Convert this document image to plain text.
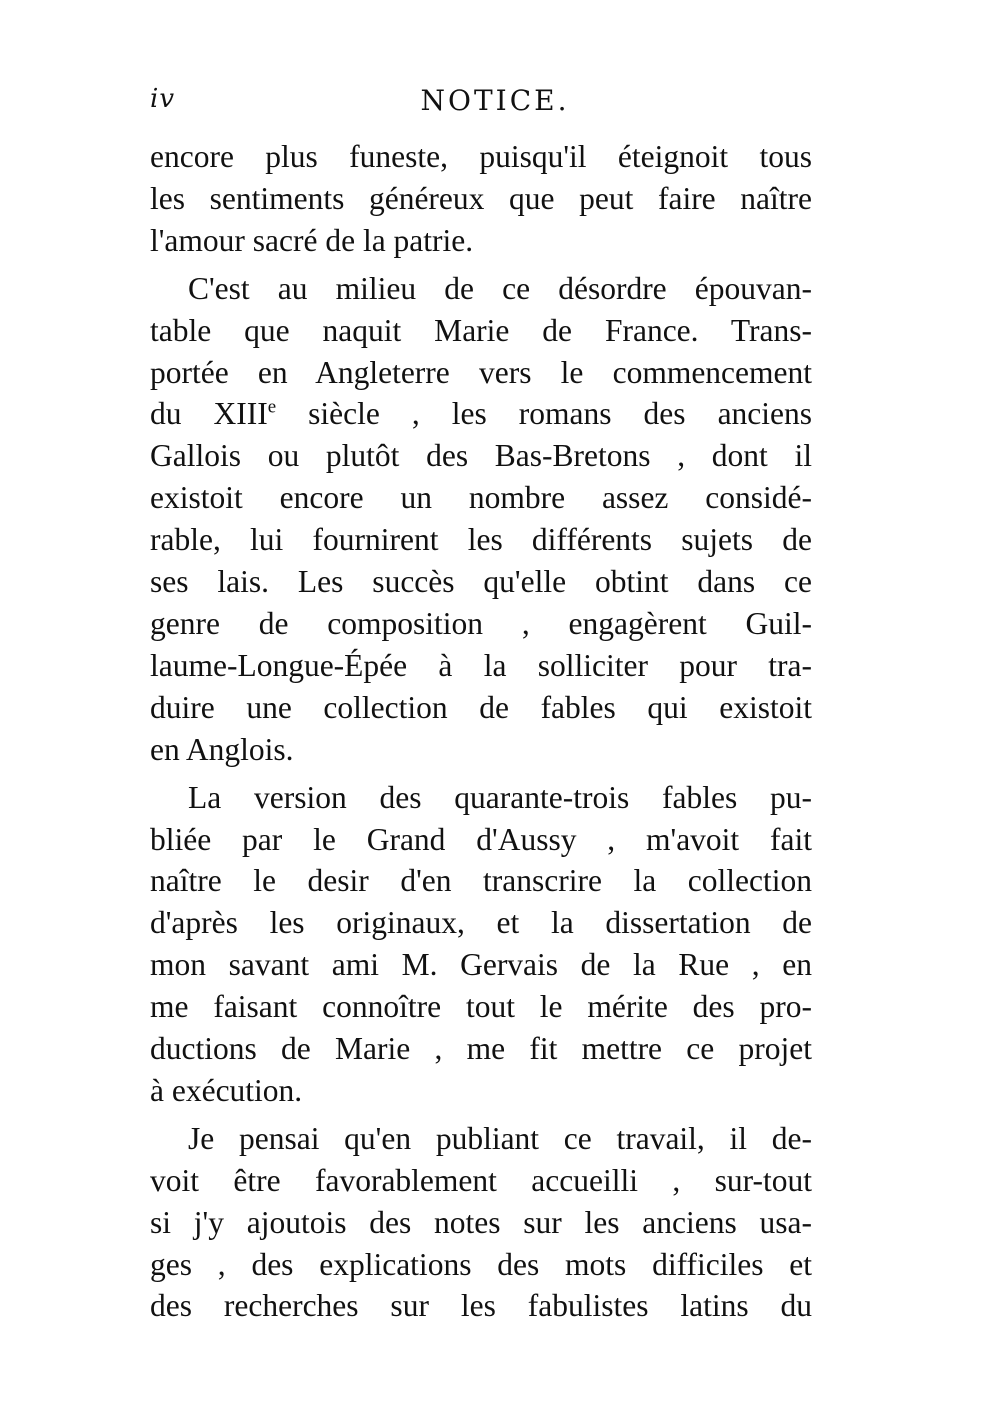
iv	NOTICE.

encore plus funeste, puisqu'il éteignoit tous
les sentiments généreux que peut faire naître
l'amour sacré de la patrie.

C'est au milieu de ce désordre épouvan-
table que naquit Marie de France. Trans-
portée en Angleterre vers le commencement
du XIIIe siècle , les romans des anciens
Gallois ou plutôt des Bas-Bretons , dont il
existoit encore un nombre assez considé-
rable, lui fournirent les différents sujets de
ses lais. Les succès qu'elle obtint dans ce
genre de composition , engagèrent Guil-
laume-Longue-Épée à la solliciter pour tra-
duire une collection de fables qui existoit
en Anglois.

La version des quarante-trois fables pu-
bliée par le Grand d'Aussy , m'avoit fait
naître le desir d'en transcrire la collection
d'après les originaux, et la dissertation de
mon savant ami M. Gervais de la Rue , en
me faisant connoître tout le mérite des pro-
ductions de Marie , me fit mettre ce projet
à exécution.

Je pensai qu'en publiant ce travail, il de-
voit être favorablement accueilli , sur-tout
si j'y ajoutois des notes sur les anciens usa-
ges , des explications des mots difficiles et
des recherches sur les fabulistes latins du
